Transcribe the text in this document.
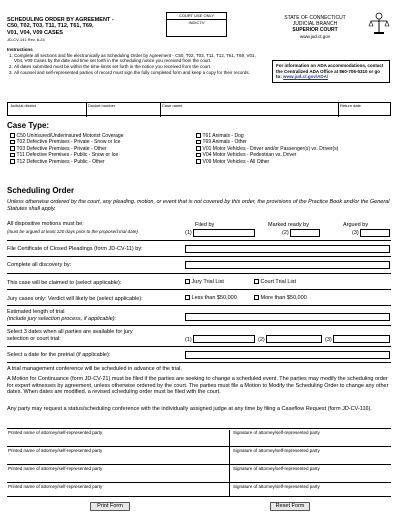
SCHEDULING ORDER BY AGREEMENT -
C50, T02, T03, T11, T12, T61, T69,
V01, V04, V09 CASES
JD-CV-141 Rev. 6-24
COURT USE ONLY
INDICTV
STATE OF CONNECTICUT
JUDICIAL BRANCH
SUPERIOR COURT
www.jud.ct.gov
Instructions
1. Complete all sections and file electronically as Scheduling Order by Agreement - C50, T02, T03, T11, T12, T61, T69, V01, V04, V09 Cases by the date and time set forth in the scheduling notice you received from the court.
2. All dates submitted must be within the time-limits set forth in the notice you received from the court.
3. All counsel and self-represented parties of record must sign the fully completed form and keep a copy for their records.
For information on ADA accommodations, contact the Centralized ADA Office at 860-706-5310 or go to: www.jud.ct.gov/ADA/
Judicial district	Docket number	Case name	Return date
Case Type:
C50 Uninsured/Underinsured Motorist Coverage
T02 Defective Premises - Private - Snow or Ice
T03 Defective Premises - Private - Other
T11 Defective Premises - Public - Snow or Ice
T12 Defective Premises - Public - Other
T61 Animals - Dog
T69 Animals - Other
V01 Motor Vehicles - Driver and/or Passenger(s) vs. Driver(s)
V04 Motor Vehicles - Pedestrian vs. Driver
V09 Motor Vehicles - All Other
Scheduling Order
Unless otherwise ordered by the court, any pleading, motion, or event that is not covered by this order, the provisions of the Practice Book and/or the General Statutes shall apply.
All dispositive motions must be:
(must be argued at least 120 days prior to the proposed trial date)
Filed by	Marked ready by	Argued by
(1)	(2)	(3)
File Certificate of Closed Pleadings (form JD-CV-11) by:
Complete all discovery by:
This case will be claimed to (select applicable):	Jury Trial List	Court Trial List
Jury cases only: Verdict will likely be (select applicable):	Less than $50,000	More than $50,000
Estimated length of trial
(include jury selection process, if applicable):
Select 3 dates when all parties are available for jury
selection or court trial:	(1)	(2)	(3)
Select a date for the pretrial (if applicable):
A trial management conference will be scheduled in advance of the trial.
A Motion for Continuance (form JD-CV-21) must be filed if the parties are seeking to change a scheduled event. The parties may modify the scheduling order for expert witnesses by agreement, unless otherwise ordered by the court. The parties must file a Motion to Modify the Scheduling Order to change any other dates. When dates are modified, a revised scheduling order must be filed with the court.
Any party may request a status/scheduling conference with the individually assigned judge at any time by filing a Caseflow Request (form JD-CV-116).
Printed name of attorney/self-represented party	Signature of attorney/self-represented party
Printed name of attorney/self-represented party	Signature of attorney/self-represented party
Printed name of attorney/self-represented party	Signature of attorney/self-represented party
Printed name of attorney/self-represented party	Signature of attorney/self-represented party
Print Form	Reset Form
